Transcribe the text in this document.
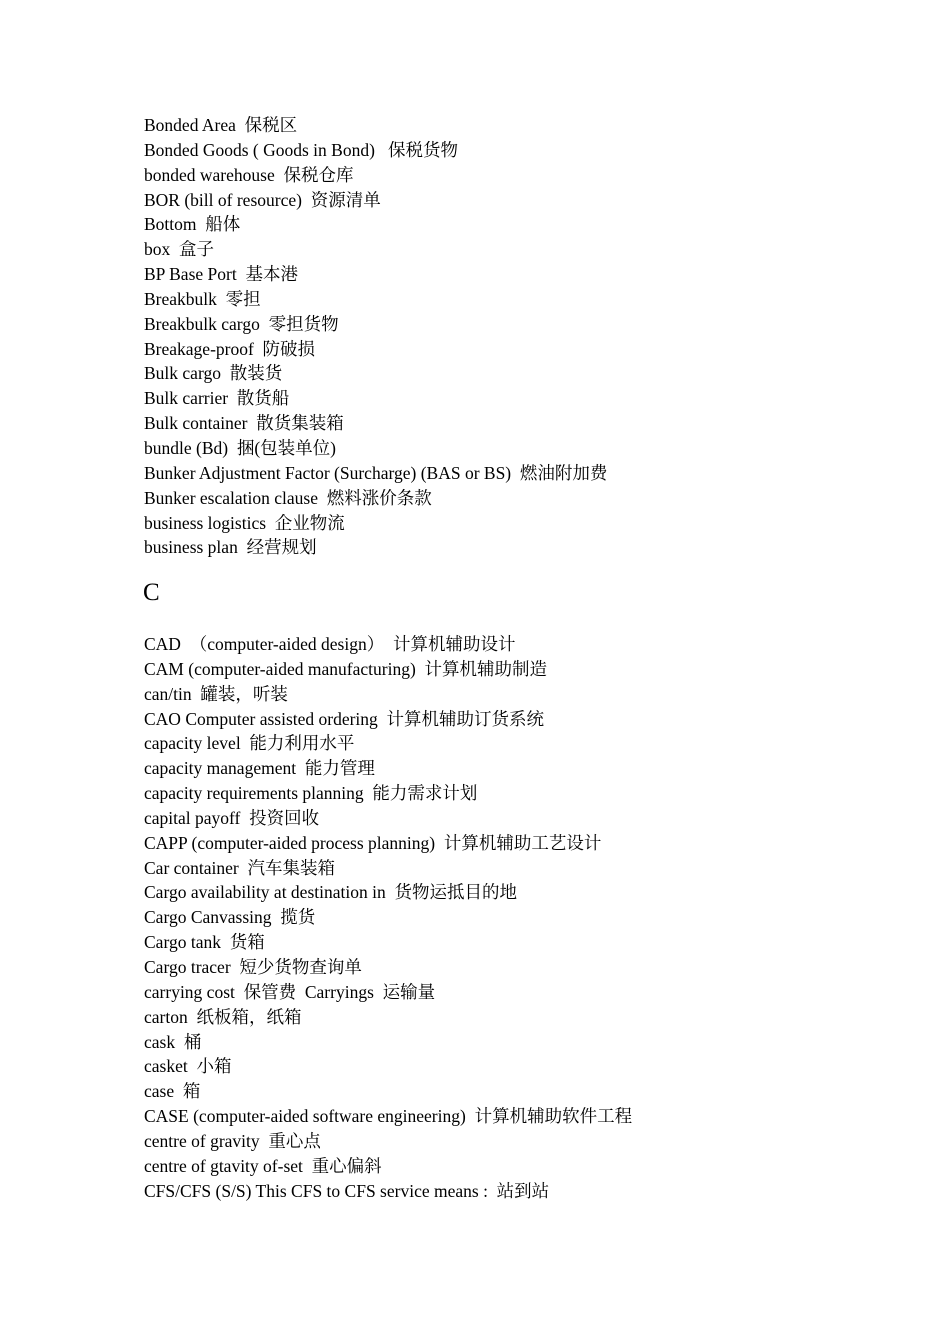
Bonded Area  保税区
Bonded Goods ( Goods in Bond)   保税货物
bonded warehouse  保税仓库
BOR (bill of resource)  资源清单
Bottom  船体
box  盒子
BP Base Port  基本港
Breakbulk  零担
Breakbulk cargo  零担货物
Breakage-proof  防破损
Bulk cargo  散装货
Bulk carrier  散货船
Bulk container  散货集装箱
bundle (Bd)  捆(包装单位)
Bunker Adjustment Factor (Surcharge) (BAS or BS)  燃油附加费
Bunker escalation clause  燃料涨价条款
business logistics  企业物流
business plan  经营规划
C
CAD  （computer-aided design）  计算机辅助设计
CAM (computer-aided manufacturing)  计算机辅助制造
can/tin  罐装，听装
CAO Computer assisted ordering  计算机辅助订货系统
capacity level  能力利用水平
capacity management  能力管理
capacity requirements planning  能力需求计划
capital payoff  投资回收
CAPP (computer-aided process planning)  计算机辅助工艺设计
Car container  汽车集装箱
Cargo availability at destination in  货物运抵目的地
Cargo Canvassing  揽货
Cargo tank  货箱
Cargo tracer  短少货物查询单
carrying cost  保管费  Carryings  运输量
carton  纸板箱，纸箱
cask  桶
casket  小箱
case  箱
CASE (computer-aided software engineering)  计算机辅助软件工程
centre of gravity  重心点
centre of gtavity of-set  重心偏斜
CFS/CFS (S/S) This CFS to CFS service means :  站到站
